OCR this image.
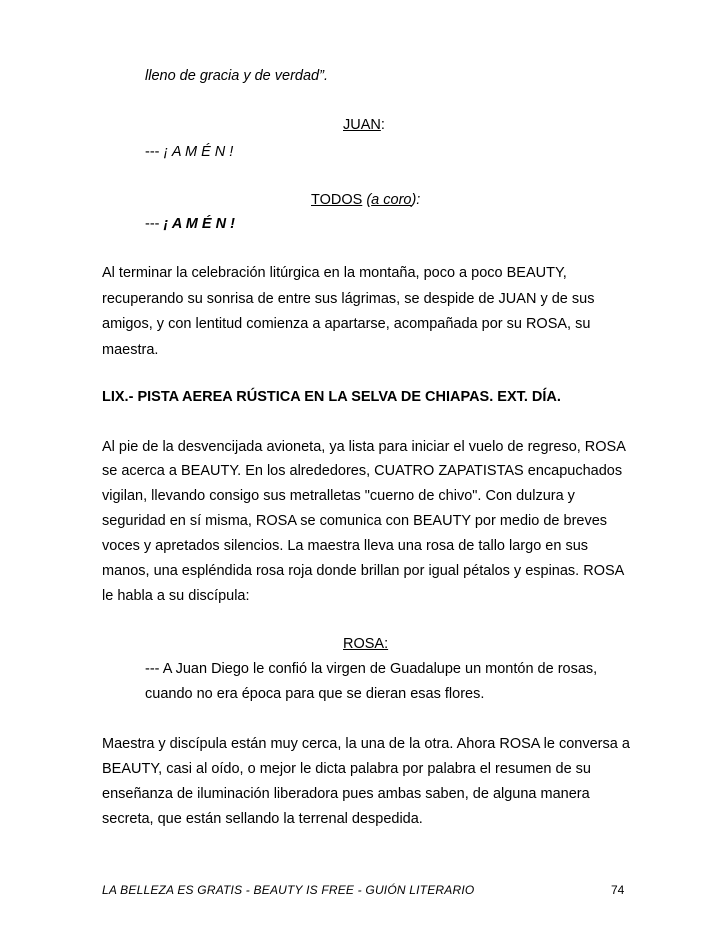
lleno de gracia y de verdad”.
JUAN:
--- ¡ A M É N !
TODOS (a coro):
--- ¡ A M É N !
Al terminar la celebración litúrgica en la montaña, poco a poco BEAUTY,
recuperando su sonrisa de entre sus lágrimas, se despide de JUAN y de sus
amigos, y con lentitud comienza a apartarse, acompañada por su ROSA, su
maestra.
LIX.- PISTA AEREA RÚSTICA EN LA SELVA DE CHIAPAS. EXT. DÍA.
Al pie de la desvencijada avioneta, ya lista para iniciar el vuelo de regreso, ROSA
se acerca a BEAUTY. En los alrededores, CUATRO ZAPATISTAS encapuchados
vigilan, llevando consigo sus metralletas "cuerno de chivo". Con dulzura y
seguridad en sí misma, ROSA se comunica con BEAUTY por medio de breves
voces y apretados silencios. La maestra lleva una rosa de tallo largo en sus
manos, una espléndida rosa roja donde brillan por igual pétalos y espinas. ROSA
le habla a su discípula:
ROSA:
--- A Juan Diego le confió la virgen de Guadalupe un montón de rosas,
cuando no era época para que se dieran esas flores.
Maestra y discípula están muy cerca, la una de la otra. Ahora ROSA le conversa a
BEAUTY, casi al oído, o mejor le dicta palabra por palabra el resumen de su
enseñanza de iluminación liberadora pues ambas saben, de alguna manera
secreta, que están sellando la terrenal despedida.
LA BELLEZA ES GRATIS - BEAUTY IS FREE - GUIÓN LITERARIO	74
